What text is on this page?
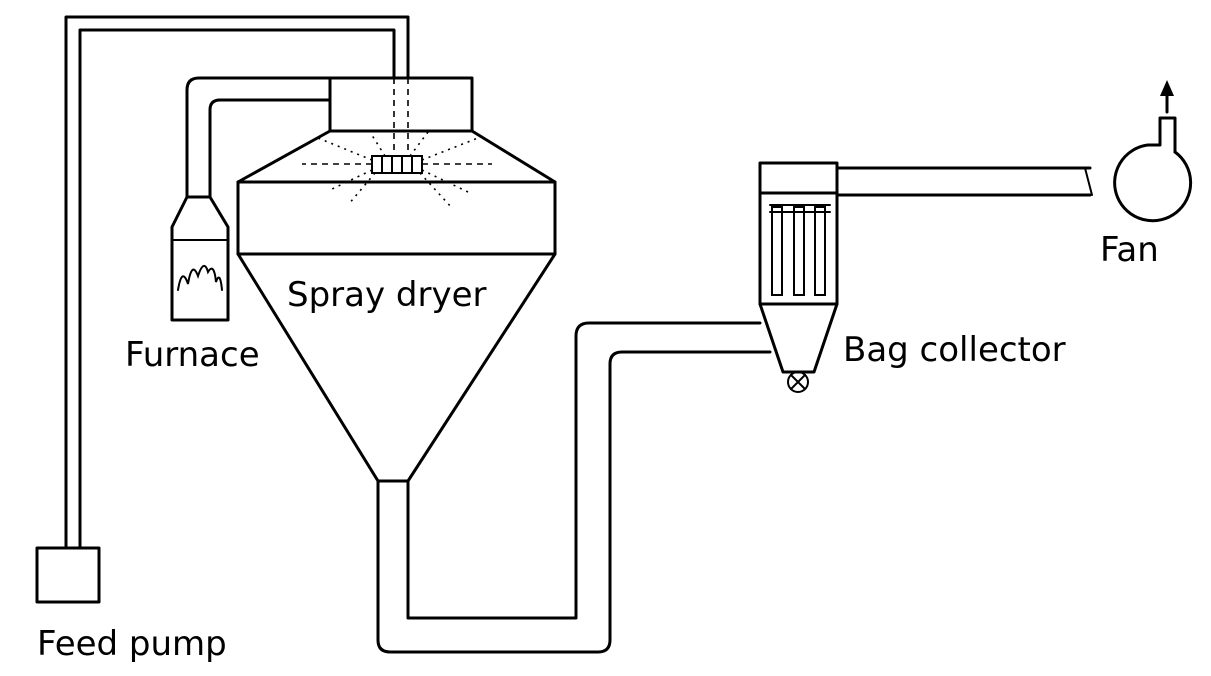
Spray dryer
Furnace
Feed pump
Bag collector
Fan
